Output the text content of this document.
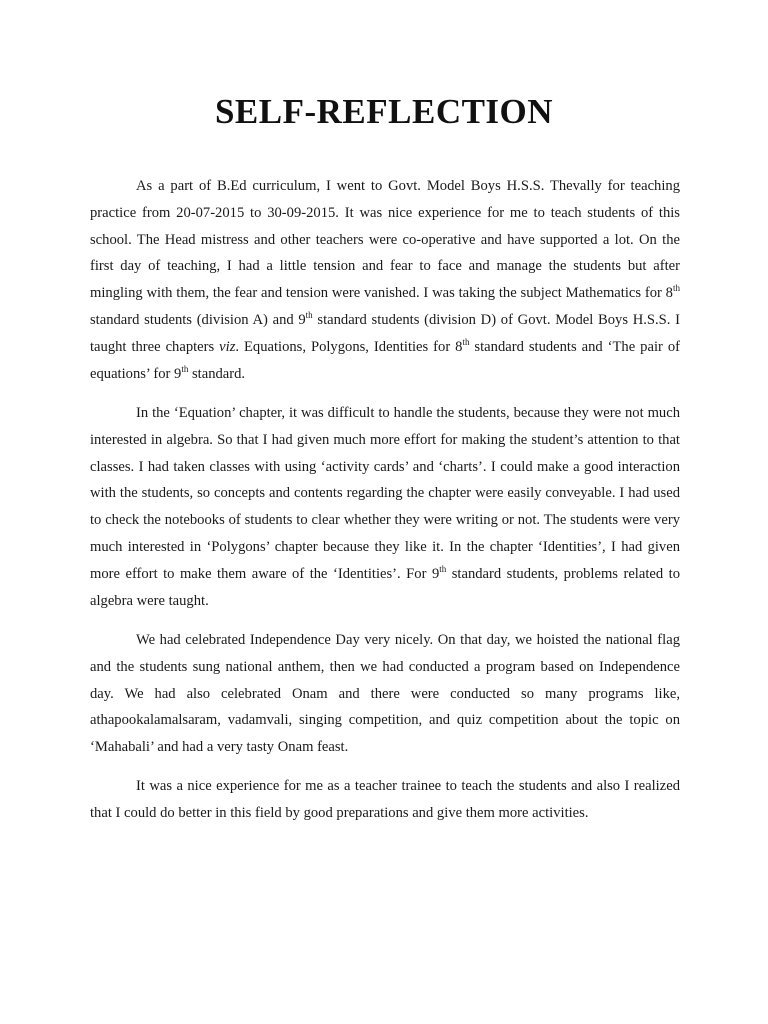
SELF-REFLECTION

As a part of B.Ed curriculum, I went to Govt. Model Boys H.S.S. Thevally for teaching practice from 20-07-2015 to 30-09-2015. It was nice experience for me to teach students of this school. The Head mistress and other teachers were co-operative and have supported a lot. On the first day of teaching, I had a little tension and fear to face and manage the students but after mingling with them, the fear and tension were vanished. I was taking the subject Mathematics for 8th standard students (division A) and 9th standard students (division D) of Govt. Model Boys H.S.S. I taught three chapters viz. Equations, Polygons, Identities for 8th standard students and ‘The pair of equations’ for 9th standard.

In the ‘Equation’ chapter, it was difficult to handle the students, because they were not much interested in algebra. So that I had given much more effort for making the student’s attention to that classes. I had taken classes with using ‘activity cards’ and ‘charts’. I could make a good interaction with the students, so concepts and contents regarding the chapter were easily conveyable. I had used to check the notebooks of students to clear whether they were writing or not. The students were very much interested in ‘Polygons’ chapter because they like it. In the chapter ‘Identities’, I had given more effort to make them aware of the ‘Identities’. For 9th standard students, problems related to algebra were taught.

We had celebrated Independence Day very nicely. On that day, we hoisted the national flag and the students sung national anthem, then we had conducted a program based on Independence day. We had also celebrated Onam and there were conducted so many programs like, athapookalamalsaram, vadamvali, singing competition, and quiz competition about the topic on ‘Mahabali’ and had a very tasty Onam feast.

It was a nice experience for me as a teacher trainee to teach the students and also I realized that I could do better in this field by good preparations and give them more activities.
